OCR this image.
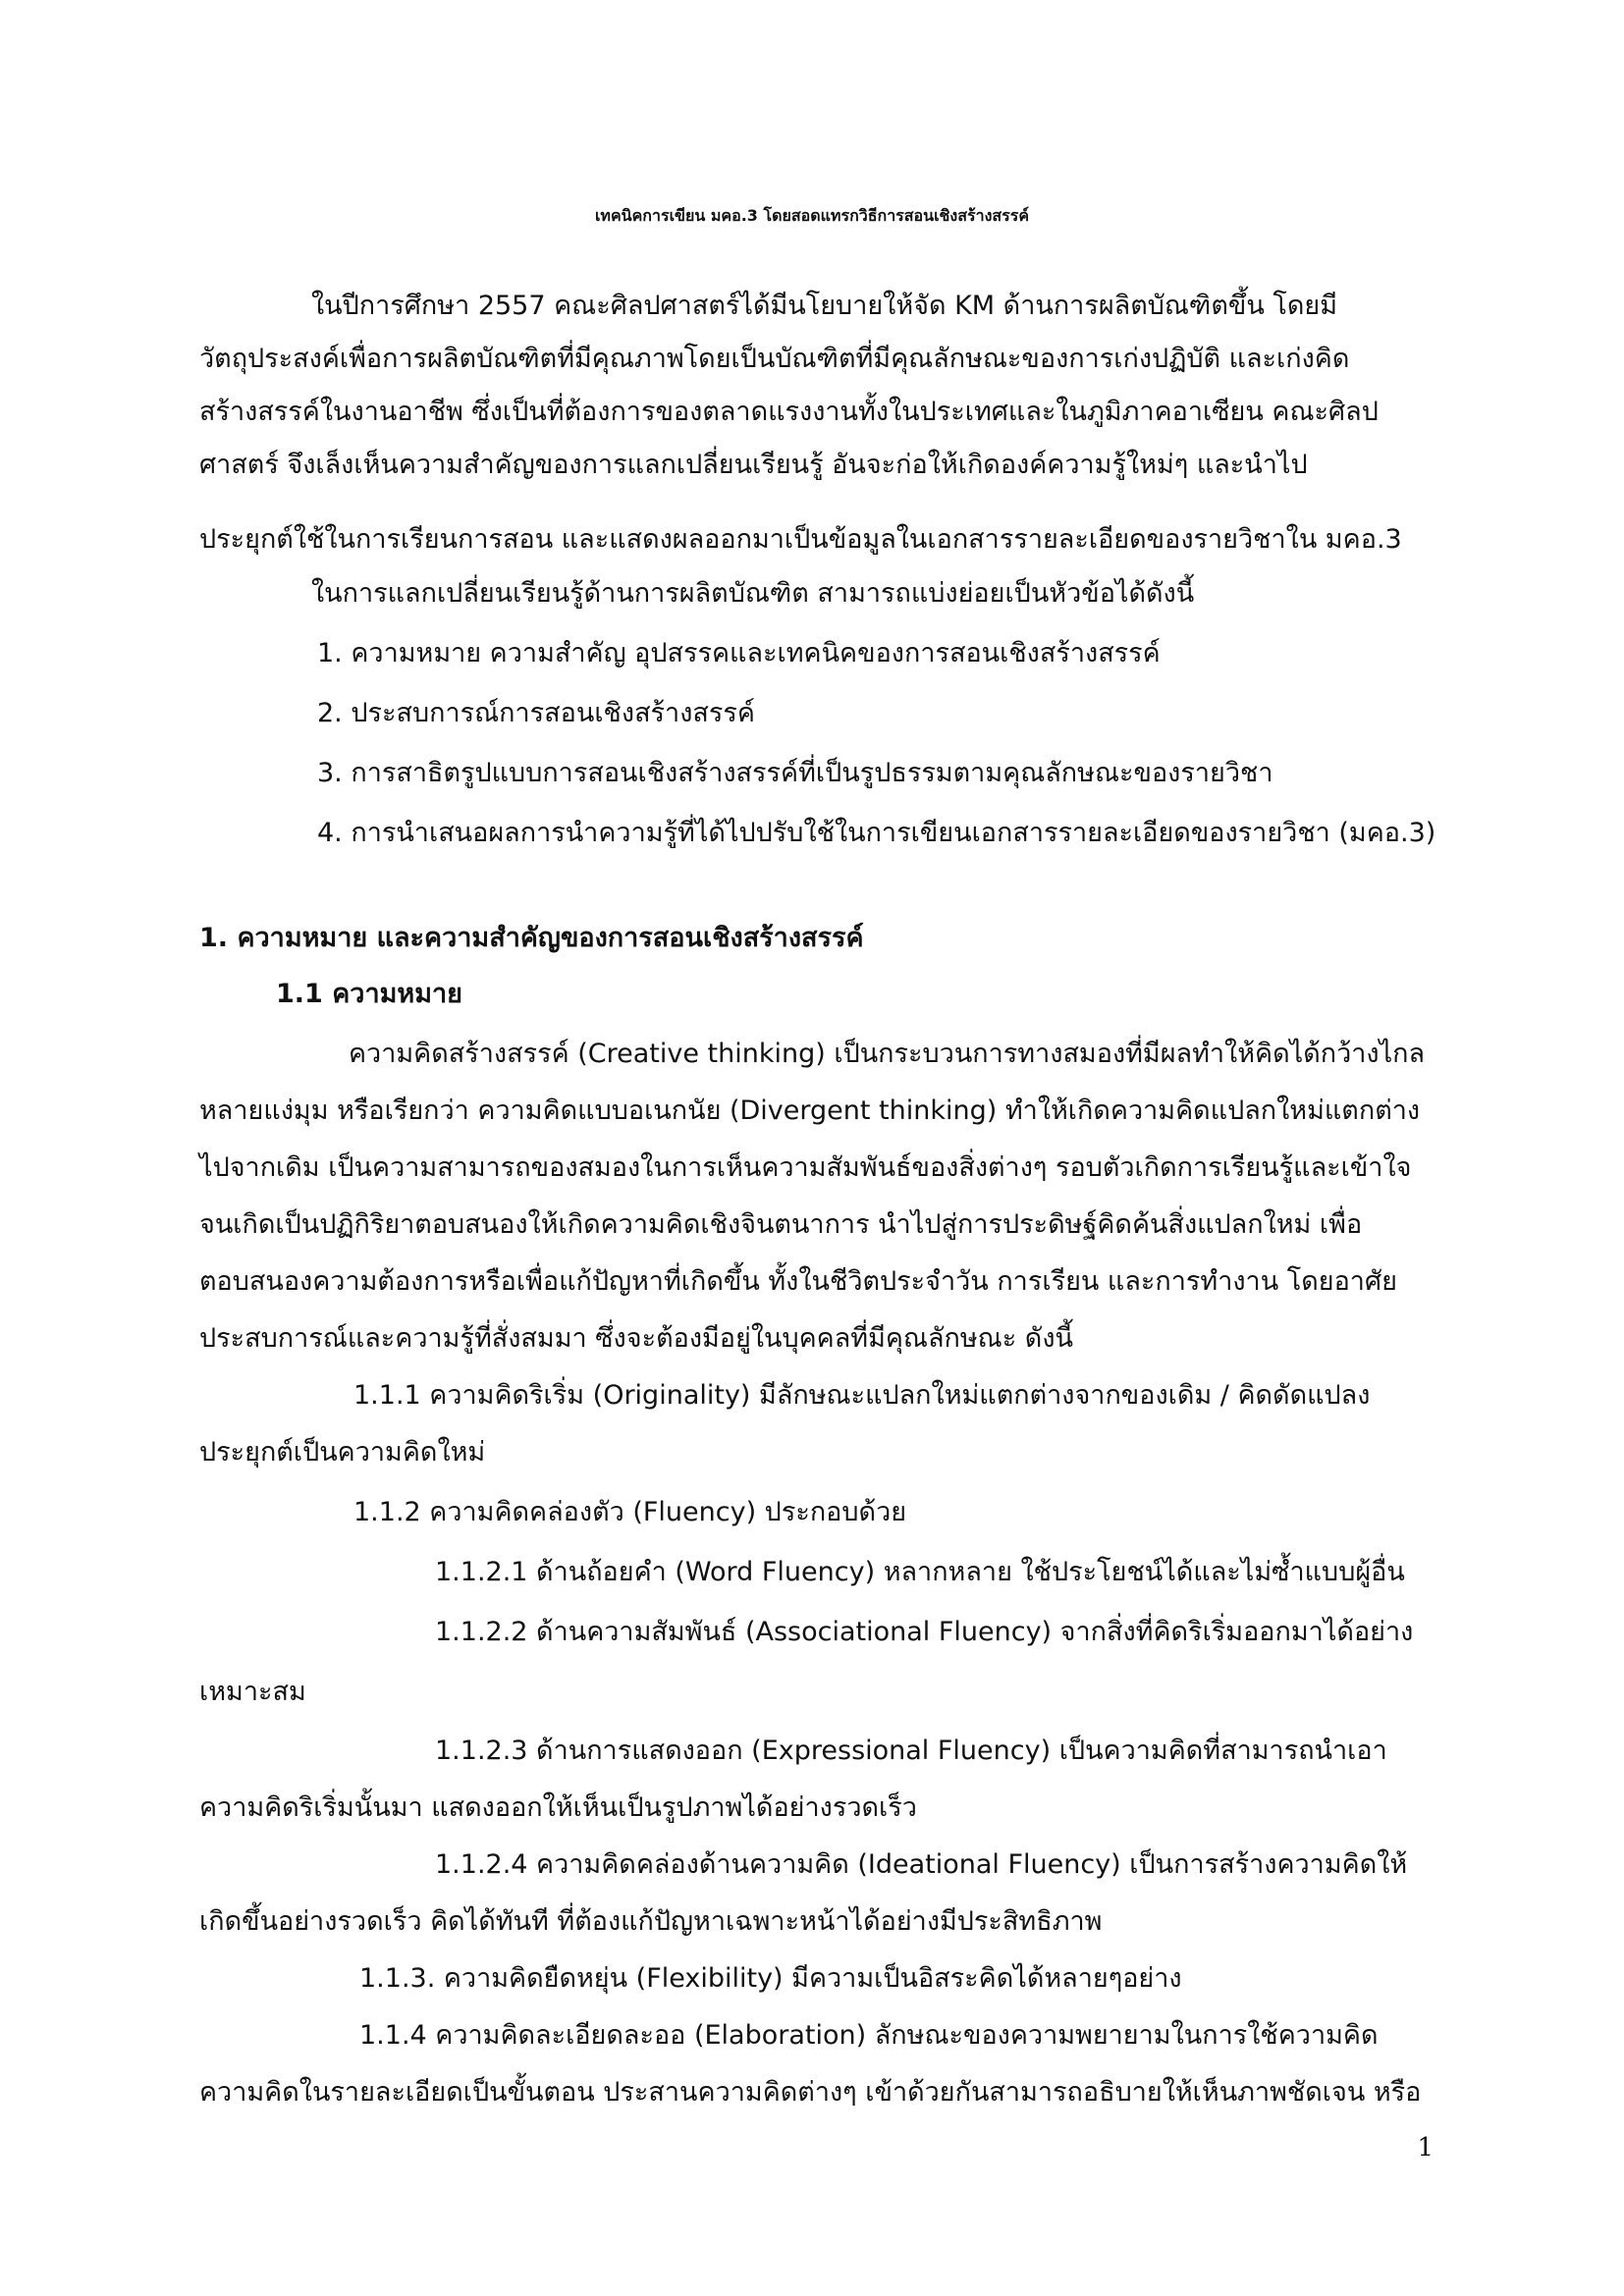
เทคนิคการเขียน มคอ.3 โดยสอดแทรกวิธีการสอนเชิงสร้างสรรค์
ในปีการศึกษา 2557 คณะศิลปศาสตร์ได้มีนโยบายให้จัด KM ด้านการผลิตบัณฑิตขึ้น โดยมี
วัตถุประสงค์เพื่อการผลิตบัณฑิตที่มีคุณภาพโดยเป็นบัณฑิตที่มีคุณลักษณะของการเก่งปฏิบัติ และเก่งคิด
สร้างสรรค์ในงานอาชีพ ซึ่งเป็นที่ต้องการของตลาดแรงงานทั้งในประเทศและในภูมิภาคอาเซียน คณะศิลป
ศาสตร์ จึงเล็งเห็นความสำคัญของการแลกเปลี่ยนเรียนรู้ อันจะก่อให้เกิดองค์ความรู้ใหม่ๆ และนำไป
ประยุกต์ใช้ในการเรียนการสอน และแสดงผลออกมาเป็นข้อมูลในเอกสารรายละเอียดของรายวิชาใน มคอ.3
ในการแลกเปลี่ยนเรียนรู้ด้านการผลิตบัณฑิต สามารถแบ่งย่อยเป็นหัวข้อได้ดังนี้
1. ความหมาย ความสำคัญ อุปสรรคและเทคนิคของการสอนเชิงสร้างสรรค์
2. ประสบการณ์การสอนเชิงสร้างสรรค์
3. การสาธิตรูปแบบการสอนเชิงสร้างสรรค์ที่เป็นรูปธรรมตามคุณลักษณะของรายวิชา
4. การนำเสนอผลการนำความรู้ที่ได้ไปปรับใช้ในการเขียนเอกสารรายละเอียดของรายวิชา (มคอ.3)
1. ความหมาย และความสำคัญของการสอนเชิงสร้างสรรค์
1.1 ความหมาย
ความคิดสร้างสรรค์ (Creative thinking) เป็นกระบวนการทางสมองที่มีผลทำให้คิดได้กว้างไกล
หลายแง่มุม หรือเรียกว่า ความคิดแบบอเนกนัย (Divergent thinking) ทำให้เกิดความคิดแปลกใหม่แตกต่าง
ไปจากเดิม เป็นความสามารถของสมองในการเห็นความสัมพันธ์ของสิ่งต่างๆ รอบตัวเกิดการเรียนรู้และเข้าใจ
จนเกิดเป็นปฏิกิริยาตอบสนองให้เกิดความคิดเชิงจินตนาการ นำไปสู่การประดิษฐ์คิดค้นสิ่งแปลกใหม่ เพื่อ
ตอบสนองความต้องการหรือเพื่อแก้ปัญหาที่เกิดขึ้น ทั้งในชีวิตประจำวัน การเรียน และการทำงาน โดยอาศัย
ประสบการณ์และความรู้ที่สั่งสมมา ซึ่งจะต้องมีอยู่ในบุคคลที่มีคุณลักษณะ ดังนี้
1.1.1 ความคิดริเริ่ม (Originality) มีลักษณะแปลกใหม่แตกต่างจากของเดิม / คิดดัดแปลง
ประยุกต์เป็นความคิดใหม่
1.1.2 ความคิดคล่องตัว (Fluency) ประกอบด้วย
1.1.2.1 ด้านถ้อยคำ (Word Fluency) หลากหลาย ใช้ประโยชน์ได้และไม่ซ้ำแบบผู้อื่น
1.1.2.2 ด้านความสัมพันธ์ (Associational Fluency) จากสิ่งที่คิดริเริ่มออกมาได้อย่าง
เหมาะสม
1.1.2.3 ด้านการแสดงออก (Expressional Fluency) เป็นความคิดที่สามารถนำเอา
ความคิดริเริ่มนั้นมา แสดงออกให้เห็นเป็นรูปภาพได้อย่างรวดเร็ว
1.1.2.4 ความคิดคล่องด้านความคิด (Ideational Fluency) เป็นการสร้างความคิดให้
เกิดขึ้นอย่างรวดเร็ว คิดได้ทันที ที่ต้องแก้ปัญหาเฉพาะหน้าได้อย่างมีประสิทธิภาพ
1.1.3. ความคิดยืดหยุ่น (Flexibility) มีความเป็นอิสระคิดได้หลายๆอย่าง
1.1.4 ความคิดละเอียดละออ (Elaboration) ลักษณะของความพยายามในการใช้ความคิด
ความคิดในรายละเอียดเป็นขั้นตอน ประสานความคิดต่างๆ เข้าด้วยกันสามารถอธิบายให้เห็นภาพชัดเจน หรือ
1
